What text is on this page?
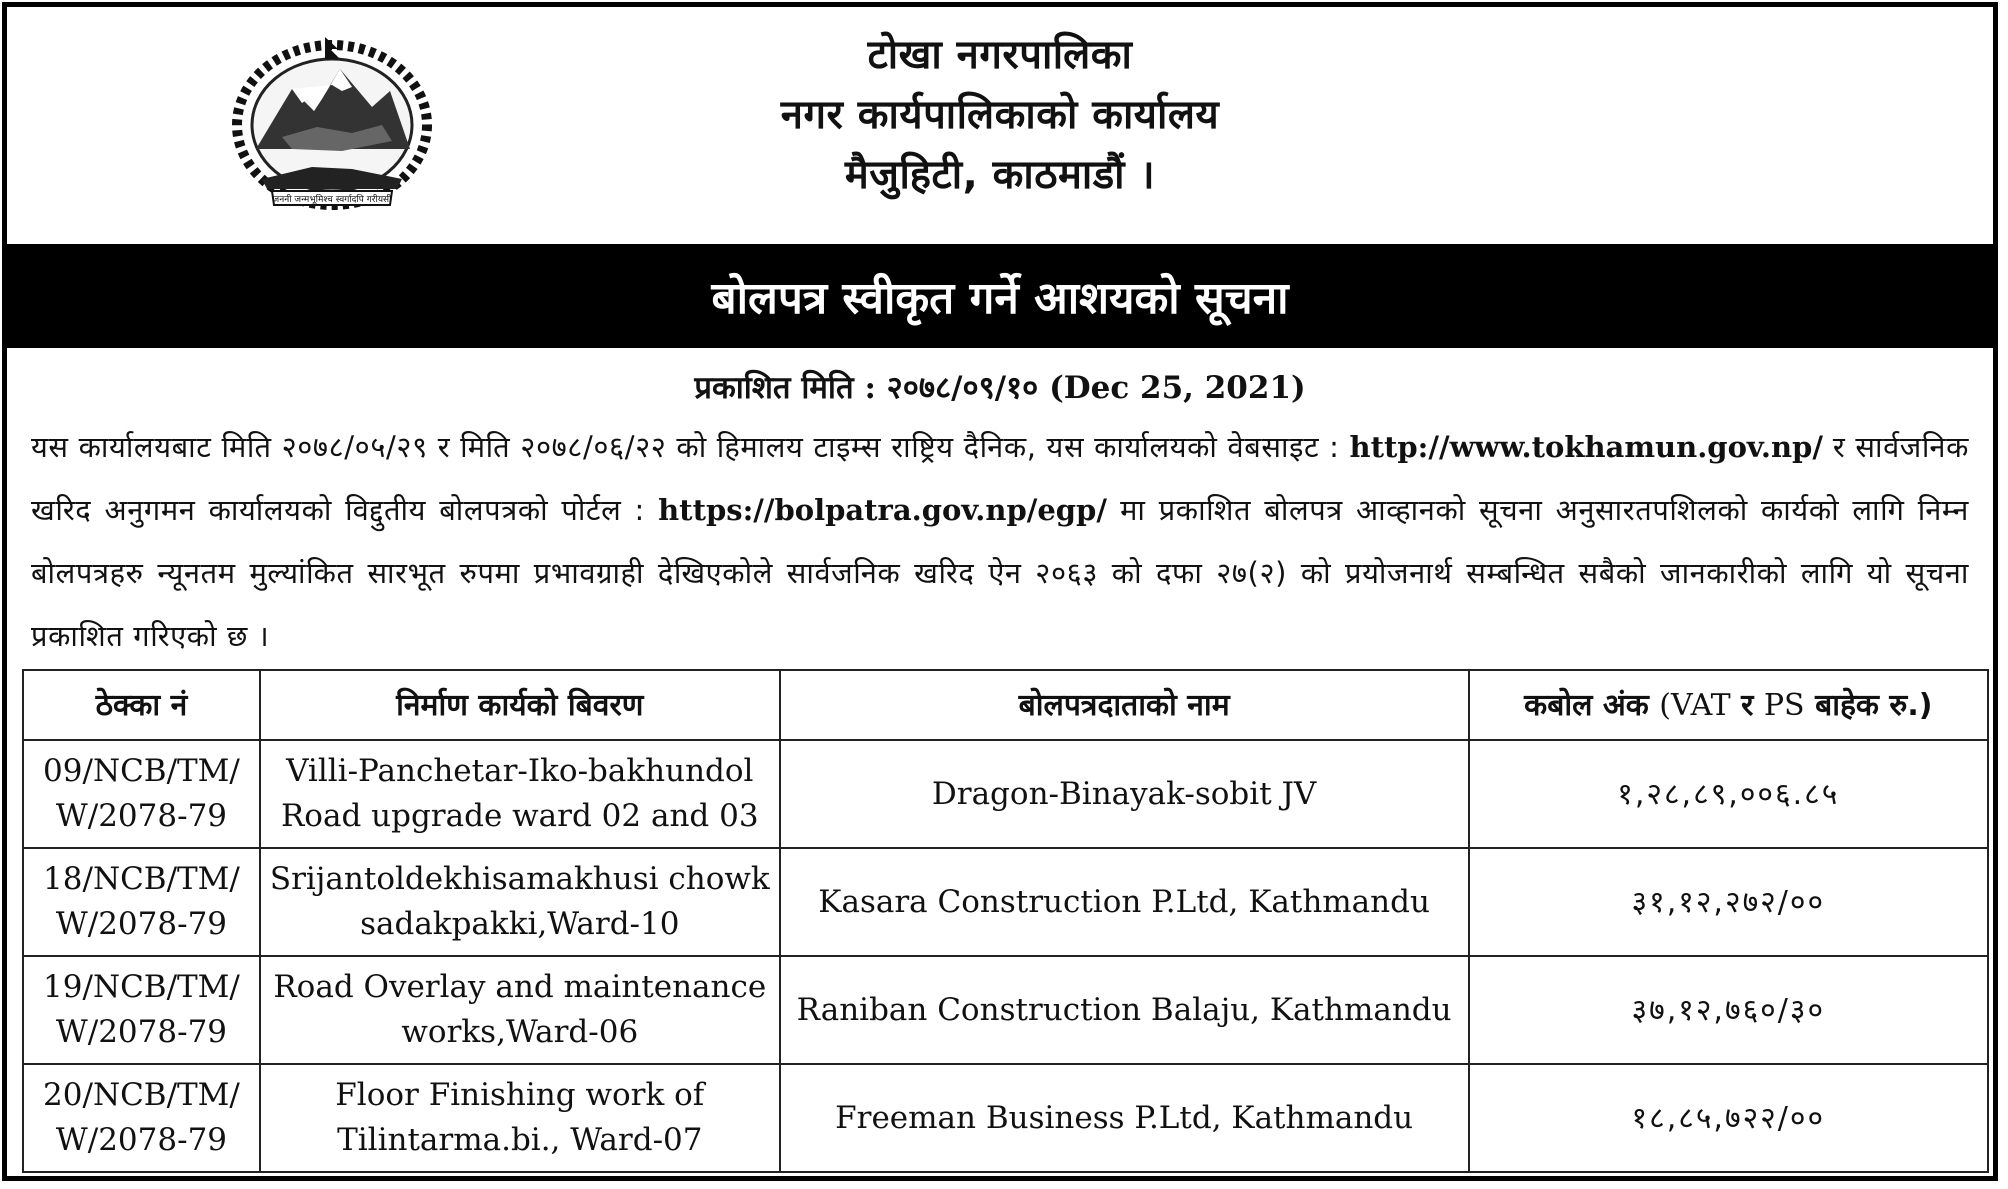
जननी जन्मभूमिश्च स्वर्गादपि गरीयसी
टोखा नगरपालिका
नगर कार्यपालिकाको कार्यालय
मैजुहिटी, काठमाडौं ।
बोलपत्र स्वीकृत गर्ने आशयको सूचना
प्रकाशित मिति : २०७८/०९/१० (Dec 25, 2021)
यस कार्यालयबाट मिति २०७८/०५/२९ र मिति २०७८/०६/२२ को हिमालय टाइम्स राष्ट्रिय दैनिक, यस कार्यालयको वेबसाइट : http://www.tokhamun.gov.np/ र सार्वजनिक खरिद अनुगमन कार्यालयको विद्दुतीय बोलपत्रको पोर्टल : https://bolpatra.gov.np/egp/ मा प्रकाशित बोलपत्र आव्हानको सूचना अनुसारतपशिलको कार्यको लागि निम्न बोलपत्रहरु न्यूनतम मुल्यांकित सारभूत रुपमा प्रभावग्राही देखिएकोले सार्वजनिक खरिद ऐन २०६३ को दफा २७(२) को प्रयोजनार्थ सम्बन्धित सबैको जानकारीको लागि यो सूचना प्रकाशित गरिएको छ ।
ठेक्का नं	निर्माण कार्यको बिवरण	बोलपत्रदाताको नाम	कबोल अंक (VAT र PS बाहेक रु.)
09/NCB/TM/
W/2078-79	Villi-Panchetar-Iko-bakhundol
Road upgrade ward 02 and 03	Dragon-Binayak-sobit JV	१,२८,८९,००६.८५
18/NCB/TM/
W/2078-79	Srijantoldekhisamakhusi chowk
sadakpakki,Ward-10	Kasara Construction P.Ltd, Kathmandu	३१,१२,२७२/००
19/NCB/TM/
W/2078-79	Road Overlay and maintenance
works,Ward-06	Raniban Construction Balaju, Kathmandu	३७,१२,७६०/३०
20/NCB/TM/
W/2078-79	Floor Finishing work of
Tilintarma.bi., Ward-07	Freeman Business P.Ltd, Kathmandu	१८,८५,७२२/००
